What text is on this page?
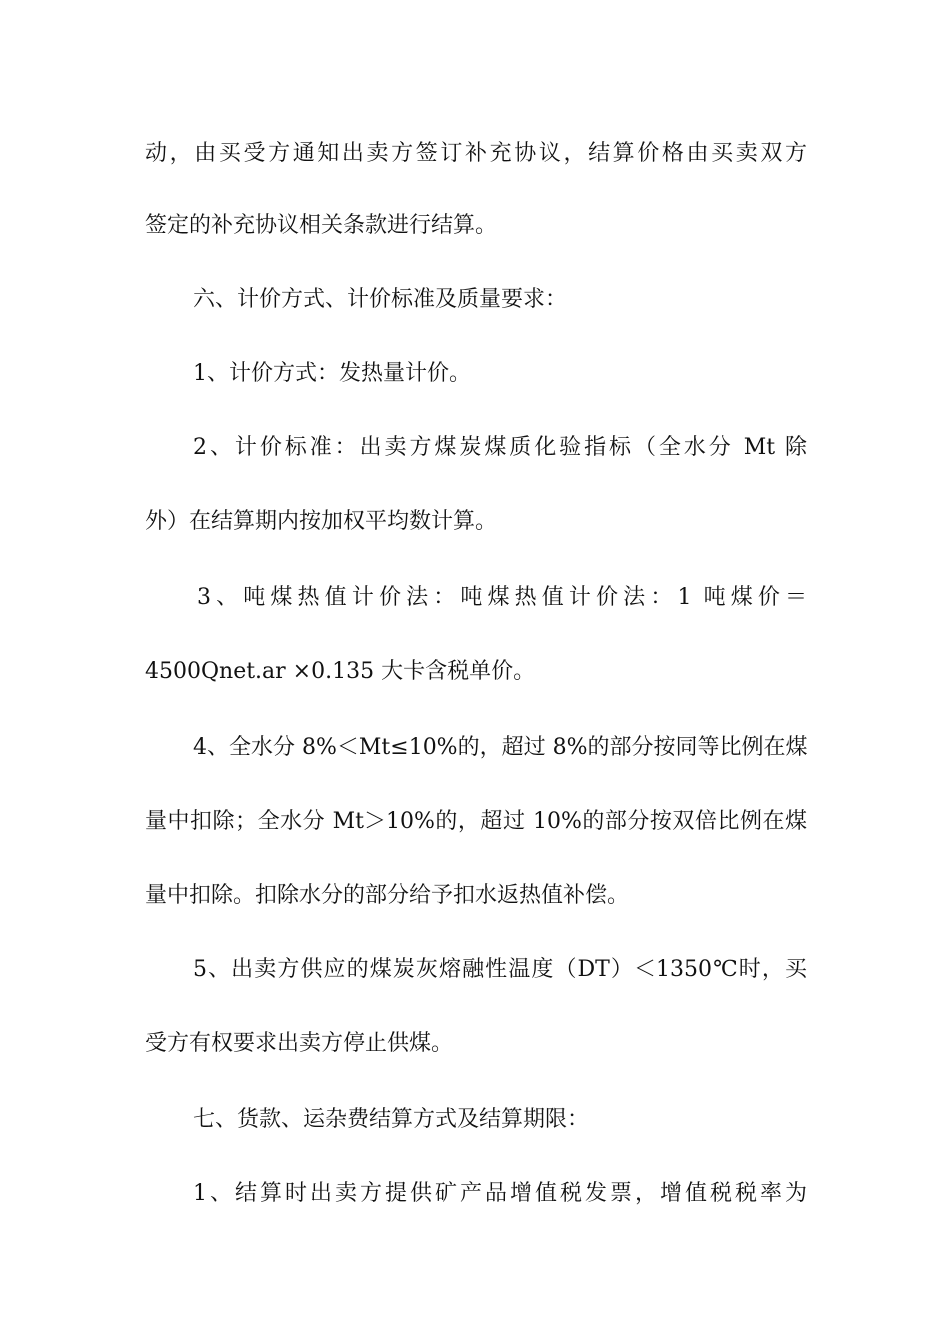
动，由买受方通知出卖方签订补充协议，结算价格由买卖双方
签定的补充协议相关条款进行结算。
六、计价方式、计价标准及质量要求：
1、计价方式：发热量计价。
2、计价标准：出卖方煤炭煤质化验指标（全水分 Mt 除
外）在结算期内按加权平均数计算。
3、吨煤热值计价法：吨煤热值计价法：1 吨煤价＝
4500Qnet.ar ×0.135 大卡含税单价。
4、全水分 8%＜Mt≤10%的，超过 8%的部分按同等比例在煤
量中扣除；全水分 Mt＞10%的，超过 10%的部分按双倍比例在煤
量中扣除。扣除水分的部分给予扣水返热值补偿。
5、出卖方供应的煤炭灰熔融性温度（DT）＜1350℃时，买
受方有权要求出卖方停止供煤。
七、货款、运杂费结算方式及结算期限：
1、结算时出卖方提供矿产品增值税发票，增值税税率为
